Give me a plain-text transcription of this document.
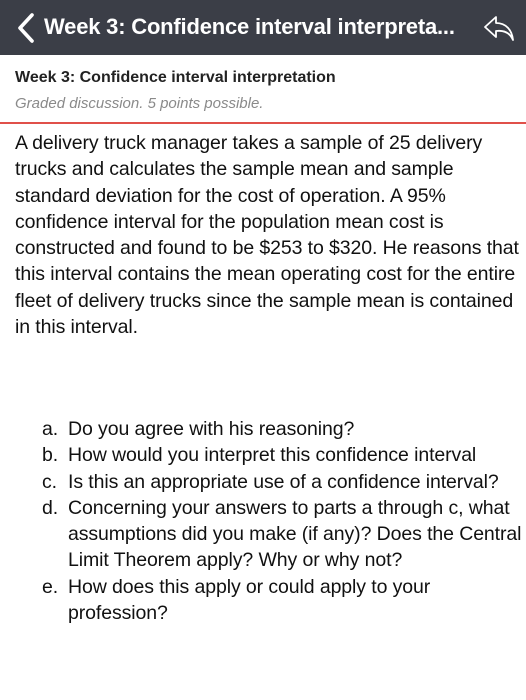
Week 3: Confidence interval interpreta...
Week 3: Confidence interval interpretation
Graded discussion. 5 points possible.

A delivery truck manager takes a sample of 25 delivery trucks and calculates the sample mean and sample standard deviation for the cost of operation. A 95% confidence interval for the population mean cost is constructed and found to be $253 to $320. He reasons that this interval contains the mean operating cost for the entire fleet of delivery trucks since the sample mean is contained in this interval.

a. Do you agree with his reasoning?
b. How would you interpret this confidence interval
c. Is this an appropriate use of a confidence interval?
d. Concerning your answers to parts a through c, what assumptions did you make (if any)? Does the Central Limit Theorem apply? Why or why not?
e. How does this apply or could apply to your profession?
